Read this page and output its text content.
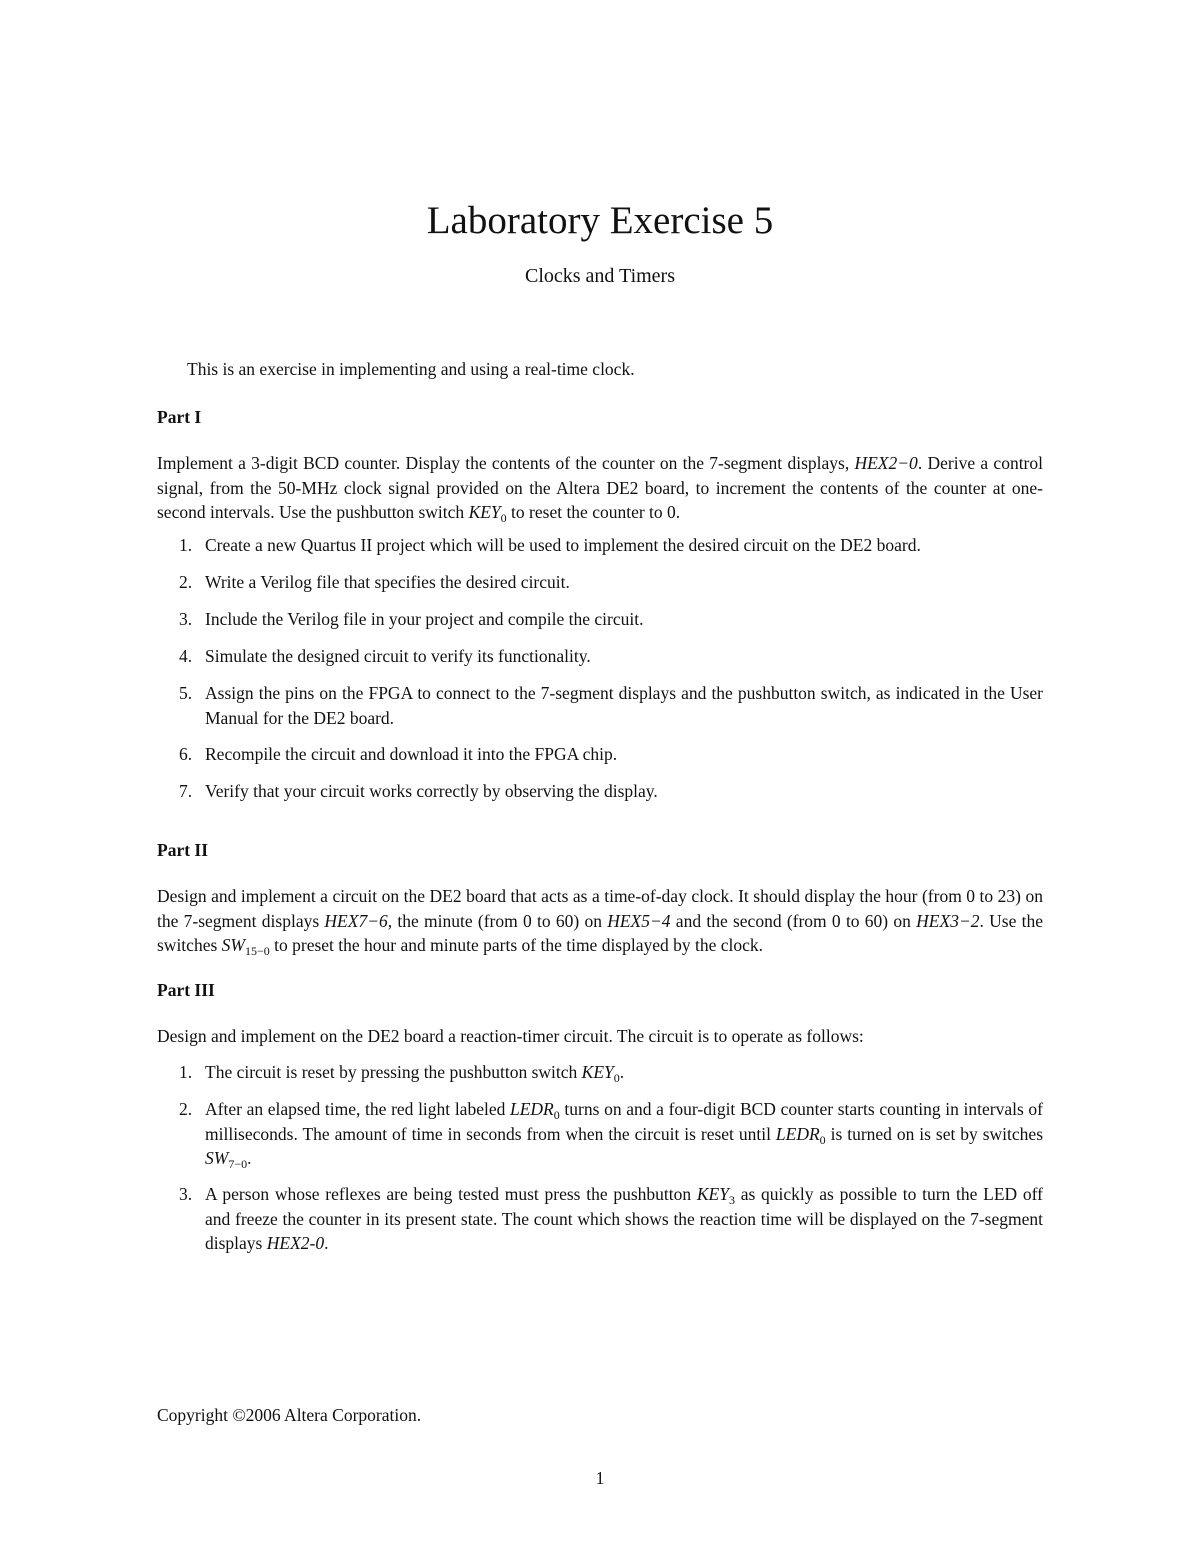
Laboratory Exercise 5
Clocks and Timers
This is an exercise in implementing and using a real-time clock.
Part I
Implement a 3-digit BCD counter. Display the contents of the counter on the 7-segment displays, HEX2−0. Derive a control signal, from the 50-MHz clock signal provided on the Altera DE2 board, to increment the contents of the counter at one-second intervals. Use the pushbutton switch $KEY_0$ to reset the counter to 0.
1. Create a new Quartus II project which will be used to implement the desired circuit on the DE2 board.
2. Write a Verilog file that specifies the desired circuit.
3. Include the Verilog file in your project and compile the circuit.
4. Simulate the designed circuit to verify its functionality.
5. Assign the pins on the FPGA to connect to the 7-segment displays and the pushbutton switch, as indicated in the User Manual for the DE2 board.
6. Recompile the circuit and download it into the FPGA chip.
7. Verify that your circuit works correctly by observing the display.
Part II
Design and implement a circuit on the DE2 board that acts as a time-of-day clock. It should display the hour (from 0 to 23) on the 7-segment displays HEX7−6, the minute (from 0 to 60) on HEX5−4 and the second (from 0 to 60) on HEX3−2. Use the switches $SW_{15-0}$ to preset the hour and minute parts of the time displayed by the clock.
Part III
Design and implement on the DE2 board a reaction-timer circuit. The circuit is to operate as follows:
1. The circuit is reset by pressing the pushbutton switch $KEY_0$.
2. After an elapsed time, the red light labeled $LEDR_0$ turns on and a four-digit BCD counter starts counting in intervals of milliseconds. The amount of time in seconds from when the circuit is reset until $LEDR_0$ is turned on is set by switches $SW_{7-0}$.
3. A person whose reflexes are being tested must press the pushbutton $KEY_3$ as quickly as possible to turn the LED off and freeze the counter in its present state. The count which shows the reaction time will be displayed on the 7-segment displays HEX2-0.
Copyright ©2006 Altera Corporation.
1
